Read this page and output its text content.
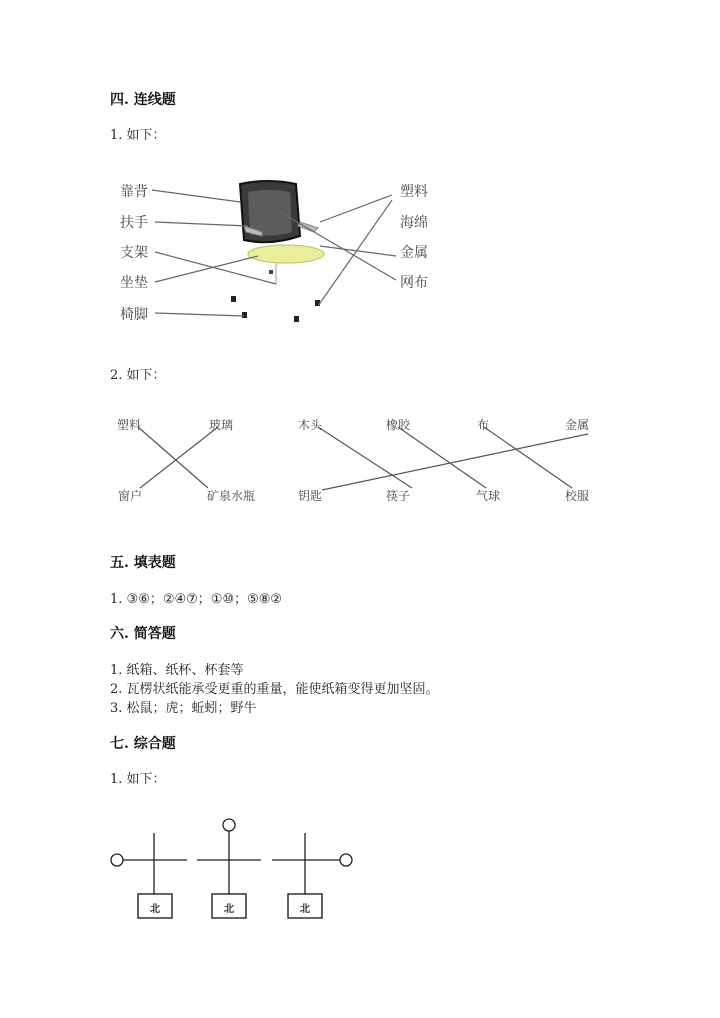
四. 连线题
1. 如下：
靠背
扶手
支架
坐垫
椅脚
塑料
海绵
金属
网布
2. 如下：
塑料	玻璃
窗户	矿泉水瓶
木头	橡胶	布	金属
钥匙	筷子	气球	校服
五. 填表题
1. ③⑥；②④⑦；①⑩；⑤⑧②
六. 简答题
1. 纸箱、纸杯、杯套等
2. 瓦楞状纸能承受更重的重量，能使纸箱变得更加坚固。
3. 松鼠；虎；蚯蚓；野牛
七. 综合题
1. 如下：
北	北	北
